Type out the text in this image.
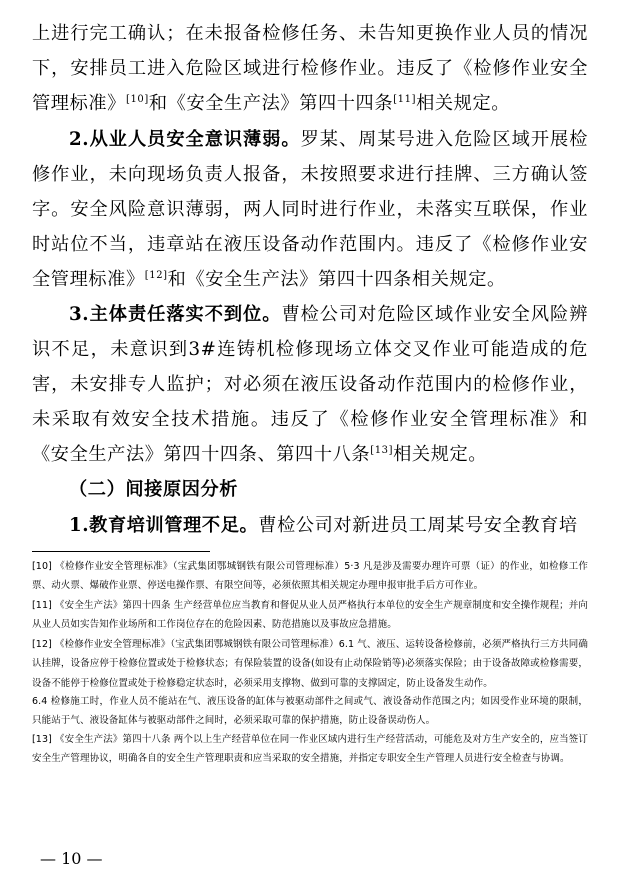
上进行完工确认；在未报备检修任务、未告知更换作业人员的情况下，安排员工进入危险区域进行检修作业。违反了《检修作业安全管理标准》[10]和《安全生产法》第四十四条[11]相关规定。
2.从业人员安全意识薄弱。罗某、周某号进入危险区域开展检修作业，未向现场负责人报备，未按照要求进行挂牌、三方确认签字。安全风险意识薄弱，两人同时进行作业，未落实互联保，作业时站位不当，违章站在液压设备动作范围内。违反了《检修作业安全管理标准》[12]和《安全生产法》第四十四条相关规定。
3.主体责任落实不到位。曹检公司对危险区域作业安全风险辨识不足，未意识到3#连铸机检修现场立体交叉作业可能造成的危害，未安排专人监护；对必须在液压设备动作范围内的检修作业，未采取有效安全技术措施。违反了《检修作业安全管理标准》和《安全生产法》第四十四条、第四十八条[13]相关规定。
（二）间接原因分析
1.教育培训管理不足。曹检公司对新进员工周某号安全教育培
[10] 《检修作业安全管理标准》（宝武集团鄂城钢铁有限公司管理标准）5·3 凡是涉及需要办理许可票（证）的作业，如检修工作票、动火票、爆破作业票、停送电操作票、有限空间等，必须依照其相关规定办理申报审批手后方可作业。
[11] 《安全生产法》第四十四条 生产经营单位应当教育和督促从业人员严格执行本单位的安全生产规章制度和安全操作规程；并向从业人员如实告知作业场所和工作岗位存在的危险因素、防范措施以及事故应急措施。
[12] 《检修作业安全管理标准》（宝武集团鄂城钢铁有限公司管理标准）6.1 气、液压、运转设备检修前，必须严格执行三方共同确认挂牌，设备应停于检修位置或处于检修状态；有保险装置的设备(如设有止动保险销等)必须落实保险；由于设备故障或检修需要，设备不能停于检修位置或处于检修稳定状态时，必须采用支撑物、做到可靠的支撑固定，防止设备发生动作。
6.4 检修施工时，作业人员不能站在气、液压设备的缸体与被驱动部件之间或气、液设备动作范围之内；如因受作业环境的限制，只能站于气、液设备缸体与被驱动部件之间时，必须采取可靠的保护措施，防止设备误动伤人。
[13] 《安全生产法》第四十八条 两个以上生产经营单位在同一作业区域内进行生产经营活动，可能危及对方生产安全的，应当签订安全生产管理协议，明确各自的安全生产管理职责和应当采取的安全措施，并指定专职安全生产管理人员进行安全检查与协调。
— 10 —
